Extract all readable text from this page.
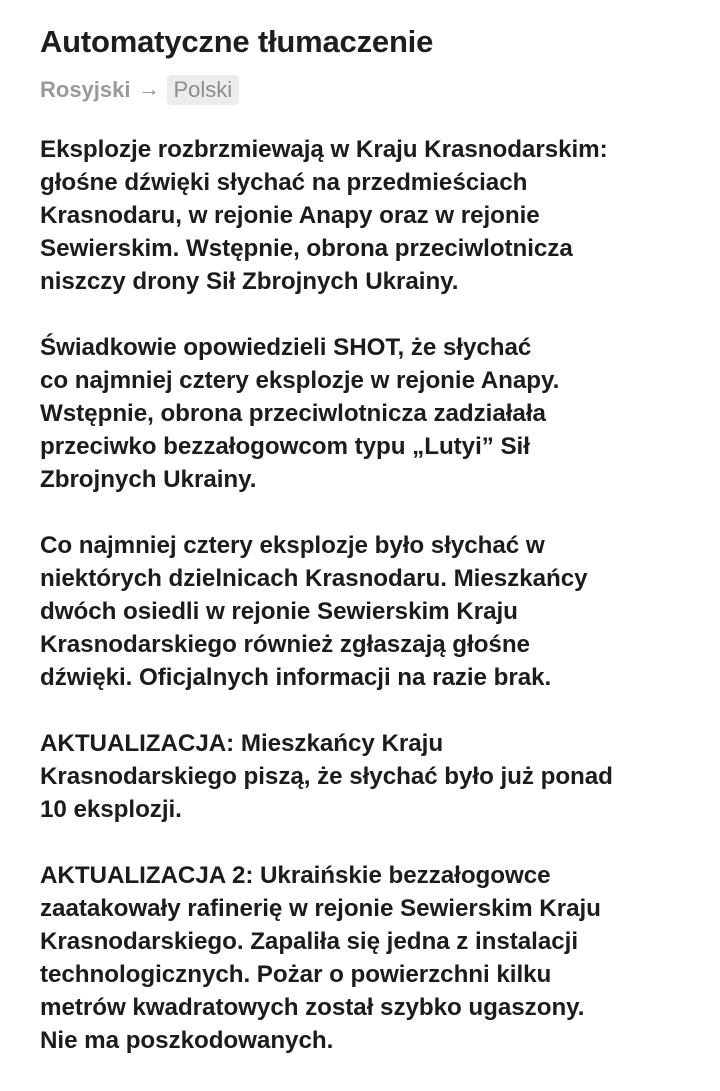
Automatyczne tłumaczenie
Rosyjski → Polski

Eksplozje rozbrzmiewają w Kraju Krasnodarskim:
głośne dźwięki słychać na przedmieściach
Krasnodaru, w rejonie Anapy oraz w rejonie
Sewierskim. Wstępnie, obrona przeciwlotnicza
niszczy drony Sił Zbrojnych Ukrainy.

Świadkowie opowiedzieli SHOT, że słychać
co najmniej cztery eksplozje w rejonie Anapy.
Wstępnie, obrona przeciwlotnicza zadziałała
przeciwko bezzałogowcom typu „Lutyi” Sił
Zbrojnych Ukrainy.

Co najmniej cztery eksplozje było słychać w
niektórych dzielnicach Krasnodaru. Mieszkańcy
dwóch osiedli w rejonie Sewierskim Kraju
Krasnodarskiego również zgłaszają głośne
dźwięki. Oficjalnych informacji na razie brak.

AKTUALIZACJA: Mieszkańcy Kraju
Krasnodarskiego piszą, że słychać było już ponad
10 eksplozji.

AKTUALIZACJA 2: Ukraińskie bezzałogowce
zaatakowały rafinerię w rejonie Sewierskim Kraju
Krasnodarskiego. Zapaliła się jedna z instalacji
technologicznych. Pożar o powierzchni kilku
metrów kwadratowych został szybko ugaszony.
Nie ma poszkodowanych.
